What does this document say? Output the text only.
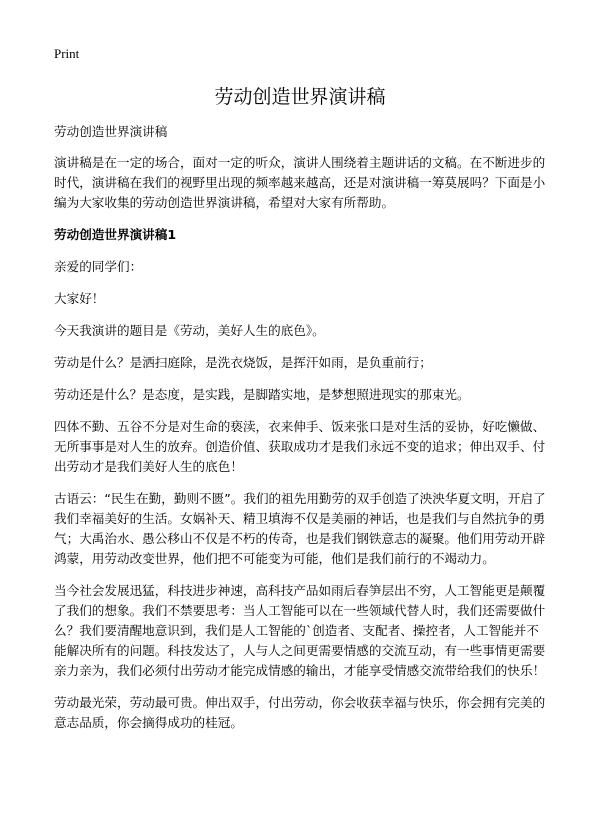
Print
劳动创造世界演讲稿

劳动创造世界演讲稿

演讲稿是在一定的场合，面对一定的听众，演讲人围绕着主题讲话的文稿。在不断进步的时代，演讲稿在我们的视野里出现的频率越来越高，还是对演讲稿一筹莫展吗？下面是小编为大家收集的劳动创造世界演讲稿，希望对大家有所帮助。

劳动创造世界演讲稿1

亲爱的同学们：

大家好！

今天我演讲的题目是《劳动，美好人生的底色》。

劳动是什么？是洒扫庭除，是洗衣烧饭，是挥汗如雨，是负重前行；

劳动还是什么？是态度，是实践，是脚踏实地，是梦想照进现实的那束光。

四体不勤、五谷不分是对生命的亵渎，衣来伸手、饭来张口是对生活的妥协，好吃懒做、无所事事是对人生的放弃。创造价值、获取成功才是我们永远不变的追求；伸出双手、付出劳动才是我们美好人生的底色！

古语云：“民生在勤，勤则不匮”。我们的祖先用勤劳的双手创造了泱泱华夏文明，开启了我们幸福美好的生活。女娲补天、精卫填海不仅是美丽的神话，也是我们与自然抗争的勇气；大禹治水、愚公移山不仅是不朽的传奇，也是我们钢铁意志的凝聚。他们用劳动开辟鸿蒙，用劳动改变世界，他们把不可能变为可能，他们是我们前行的不竭动力。

当今社会发展迅猛，科技进步神速，高科技产品如雨后春笋层出不穷，人工智能更是颠覆了我们的想象。我们不禁要思考：当人工智能可以在一些领域代替人时，我们还需要做什么？我们要清醒地意识到，我们是人工智能的`创造者、支配者、操控者，人工智能并不能解决所有的问题。科技发达了，人与人之间更需要情感的交流互动，有一些事情更需要亲力亲为，我们必须付出劳动才能完成情感的输出，才能享受情感交流带给我们的快乐！

劳动最光荣，劳动最可贵。伸出双手，付出劳动，你会收获幸福与快乐，你会拥有完美的意志品质，你会摘得成功的桂冠。
